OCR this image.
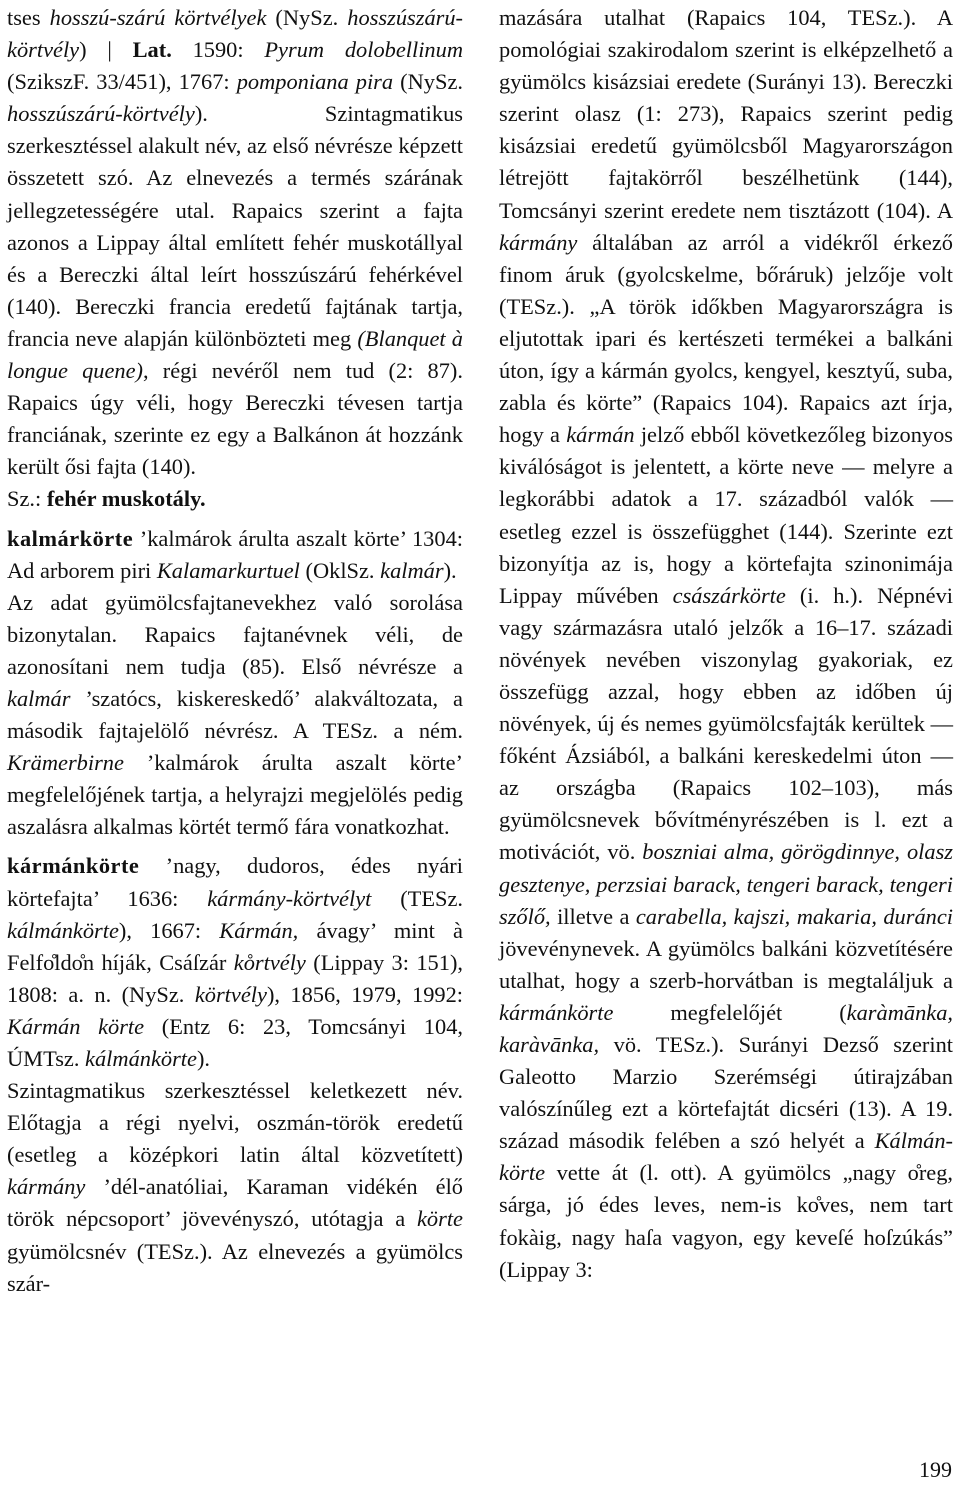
tses hosszú-szárú körtvélyek (NySz. hosszúszárú-körtvély) | Lat. 1590: Pyrum dolobellinum (SzikszF. 33/451), 1767: pomponiana pira (NySz. hosszúszárú-körtvély). Szintagmatikus szerkesztéssel alakult név, az első névrésze képzett összetett szó. Az elnevezés a termés szárának jellegzetességére utal. Rapaics szerint a fajta azonos a Lippay által említett fehér muskotállyal és a Bereczki által leírt hosszúszárú fehérkével (140). Bereczki francia eredetű fajtának tartja, francia neve alapján különbözteti meg (Blanquet à longue quene), régi nevéről nem tud (2: 87). Rapaics úgy véli, hogy Bereczki tévesen tartja franciának, szerinte ez egy a Balkánon át hozzánk került ősi fajta (140).

Sz.: fehér muskotály.

kalmárkörte ’kalmárok árulta aszalt körte’ 1304: Ad arborem piri Kalamarkurtuel (OklSz. kalmár).

Az adat gyümölcsfajtanevekhez való sorolása bizonytalan. Rapaics fajtanévnek véli, de azonosítani nem tudja (85). Első névrésze a kalmár ’szatócs, kiskereskedő’ alakváltozata, a második fajtajelölő névrész. A TESz. a ném. Krämerbirne ’kalmárok árulta aszalt körte’ megfelelőjének tartja, a helyrajzi megjelölés pedig aszalásra alkalmas körtét termő fára vonatkozhat.

kármánkörte ’nagy, dudoros, édes nyári körtefajta’ 1636: kármány-körtvélyt (TESz. kálmánkörte), 1667: Kármán, ávagy’ mint à Felfo̊ldo̊n híják, Csáſzár ko̊rtvély (Lippay 3: 151), 1808: a. n. (NySz. körtvély), 1856, 1979, 1992: Kármán körte (Entz 6: 23, Tomcsányi 104, ÚMTsz. kálmánkörte).

Szintagmatikus szerkesztéssel keletkezett név. Előtagja a régi nyelvi, oszmán-török eredetű (esetleg a középkori latin által közvetített) kármány ’dél-anatóliai, Karaman vidékén élő török népcsoport’ jövevényszó, utótagja a körte gyümölcsnév (TESz.). Az elnevezés a gyümölcs szár-

mazására utalhat (Rapaics 104, TESz.). A pomológiai szakirodalom szerint is elképzelhető a gyümölcs kisázsiai eredete (Surányi 13). Bereczki szerint olasz (1: 273), Rapaics szerint pedig kisázsiai eredetű gyümölcsből Magyarországon létrejött fajtakörről beszélhetünk (144), Tomcsányi szerint eredete nem tisztázott (104). A kármány általában az arról a vidékről érkező finom áruk (gyolcskelme, bőráruk) jelzője volt (TESz.). „A török időkben Magyarországra is eljutottak ipari és kertészeti termékei a balkáni úton, így a kármán gyolcs, kengyel, kesztyű, suba, zabla és körte” (Rapaics 104). Rapaics azt írja, hogy a kármán jelző ebből következőleg bizonyos kiválóságot is jelentett, a körte neve — melyre a legkorábbi adatok a 17. századból valók — esetleg ezzel is összefügghet (144). Szerinte ezt bizonyítja az is, hogy a körtefajta szinonimája Lippay művében császárkörte (i. h.). Népnévi vagy származásra utaló jelzők a 16–17. századi növények nevében viszonylag gyakoriak, ez összefügg azzal, hogy ebben az időben új növények, új és nemes gyümölcsfajták kerültek — főként Ázsiából, a balkáni kereskedelmi úton — az országba (Rapaics 102–103), más gyümölcsnevek bővítményrészében is l. ezt a motivációt, vö. boszniai alma, görögdinnye, olasz gesztenye, perzsiai barack, tengeri barack, tengeri szőlő, illetve a carabella, kajszi, makaria, duránci jövevénynevek. A gyümölcs balkáni közvetítésére utalhat, hogy a szerb-horvátban is megtaláljuk a kármánkörte megfelelőjét (karàmānka, karàvānka, vö. TESz.). Surányi Dezső szerint Galeotto Marzio Szerémségi útirajzában valószínűleg ezt a körtefajtát dicséri (13). A 19. század második felében a szó helyét a Kálmán-körte vette át (l. ott). A gyümölcs „nagy o̊reg, sárga, jó édes leves, nem-is ko̊ves, nem tart fokàig, nagy haſa vagyon, egy keveſé hoſzúkás” (Lippay 3:

199
